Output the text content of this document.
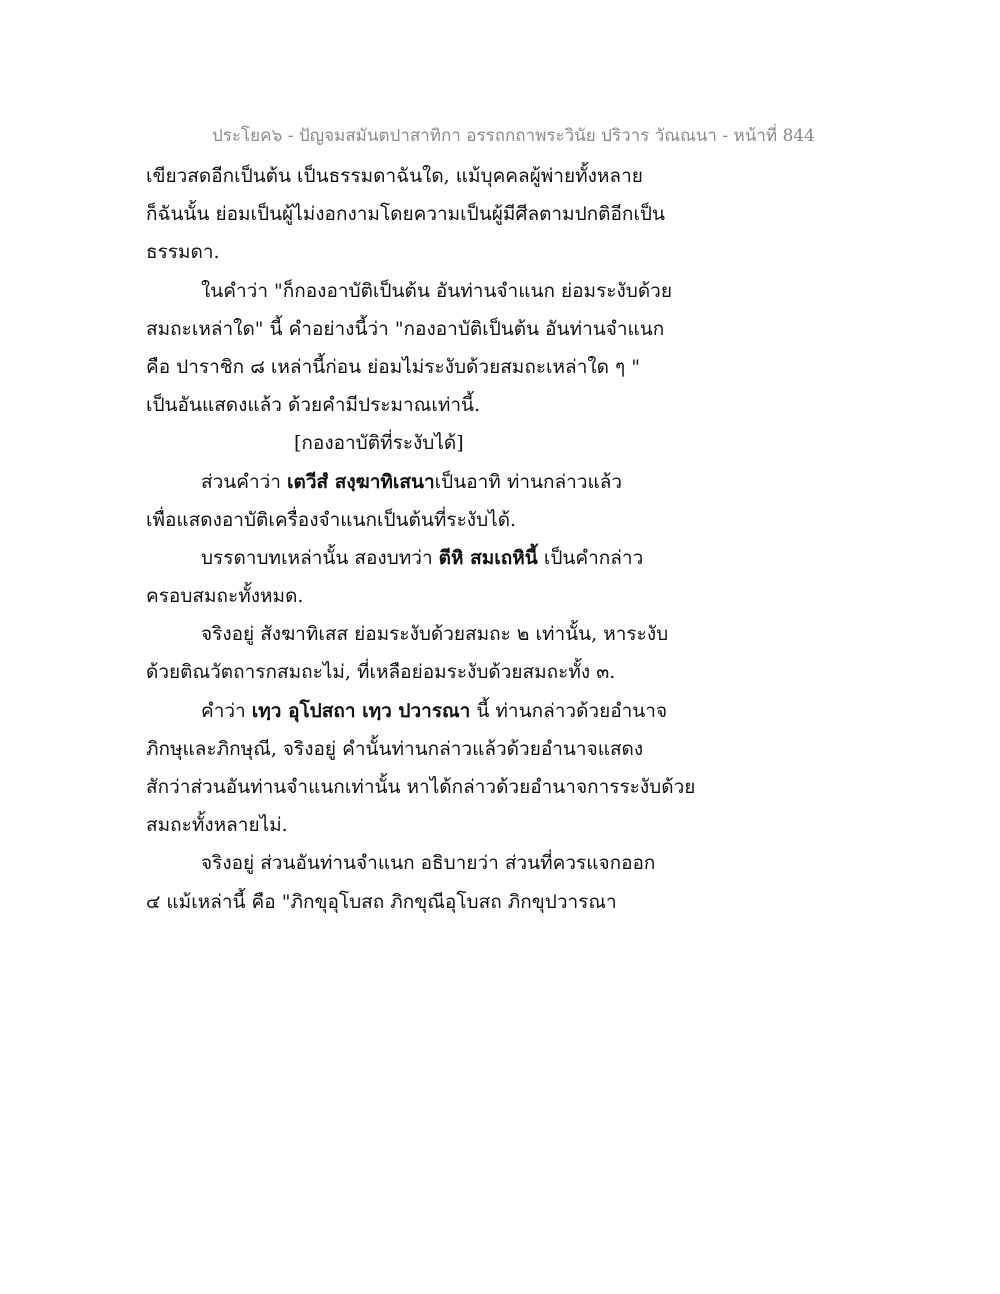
ประโยค๖ - ปัญจมสมันตปาสาทิกา อรรถกถาพระวินัย ปริวาร วัณณนา - หน้าที่ 844
เขียวสดอีกเป็นต้น เป็นธรรมดาฉันใด, แม้บุคคลผู้พ่ายทั้งหลาย
ก็ฉันนั้น ย่อมเป็นผู้ไม่งอกงามโดยความเป็นผู้มีศีลตามปกติอีกเป็น
ธรรมดา.
ในคำว่า "ก็กองอาบัติเป็นต้น อันท่านจำแนก ย่อมระงับด้วย
สมถะเหล่าใด" นี้ คำอย่างนี้ว่า "กองอาบัติเป็นต้น อันท่านจำแนก
คือ ปาราชิก ๘ เหล่านี้ก่อน ย่อมไม่ระงับด้วยสมถะเหล่าใด ๆ "
เป็นอันแสดงแล้ว ด้วยคำมีประมาณเท่านี้.
[กองอาบัติที่ระงับได้]
ส่วนคำว่า เตวีสํ สงฺฆาทิเสนาเป็นอาทิ ท่านกล่าวแล้ว
เพื่อแสดงอาบัติเครื่องจำแนกเป็นต้นที่ระงับได้.
บรรดาบทเหล่านั้น สองบทว่า ตีหิ สมเถหินี้ เป็นคำกล่าว
ครอบสมถะทั้งหมด.
จริงอยู่ สังฆาทิเสส ย่อมระงับด้วยสมถะ ๒ เท่านั้น, หาระงับ
ด้วยติณวัตถารกสมถะไม่, ที่เหลือย่อมระงับด้วยสมถะทั้ง ๓.
คำว่า เทฺว อุโปสถา เทฺว ปวารณา นี้ ท่านกล่าวด้วยอำนาจ
ภิกษุและภิกษุณี, จริงอยู่ คำนั้นท่านกล่าวแล้วด้วยอำนาจแสดง
สักว่าส่วนอันท่านจำแนกเท่านั้น หาได้กล่าวด้วยอำนาจการระงับด้วย
สมถะทั้งหลายไม่.
จริงอยู่ ส่วนอันท่านจำแนก อธิบายว่า ส่วนที่ควรแจกออก
๔ แม้เหล่านี้ คือ "ภิกขุอุโบสถ ภิกขุณีอุโบสถ ภิกขุปวารณา
